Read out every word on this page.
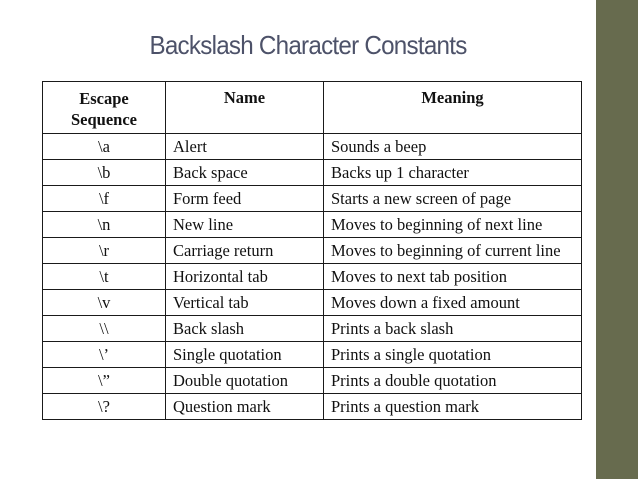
Backslash Character Constants
Escape
Sequence	Name	Meaning
\a	Alert	Sounds a beep
\b	Back space	Backs up 1 character
\f	Form feed	Starts a new screen of page
\n	New line	Moves to beginning of next line
\r	Carriage return	Moves to beginning of current line
\t	Horizontal tab	Moves to next tab position
\v	Vertical tab	Moves down a fixed amount
\\	Back slash	Prints a back slash
\’	Single quotation	Prints a single quotation
\”	Double quotation	Prints a double quotation
\?	Question mark	Prints a question mark
